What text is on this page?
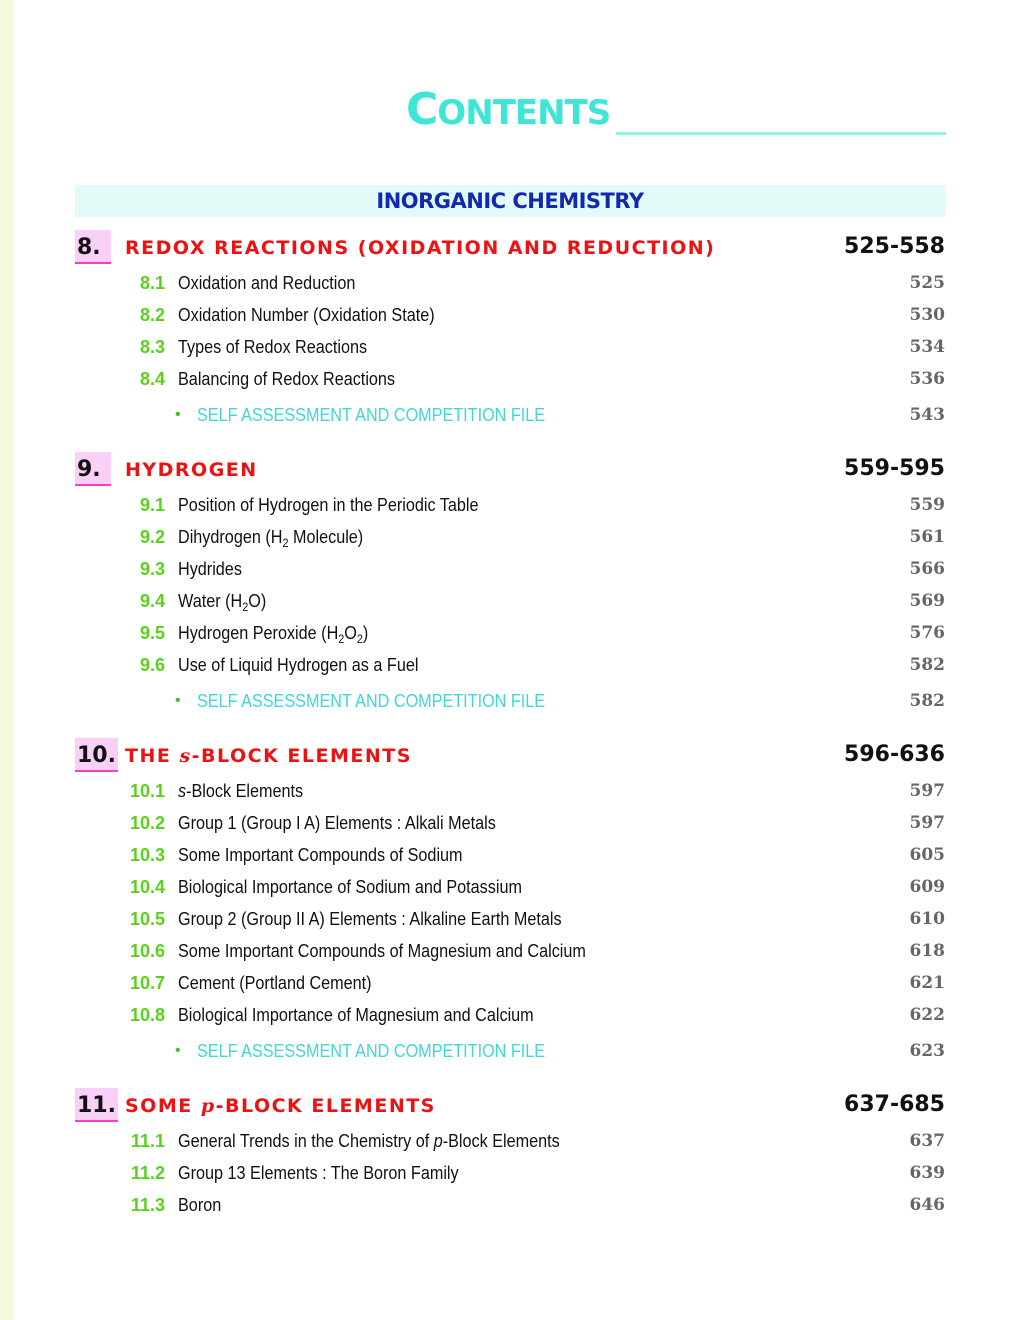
CONTENTS
INORGANIC CHEMISTRY
8.	REDOX REACTIONS (OXIDATION AND REDUCTION)	525-558
8.1 Oxidation and Reduction	525
8.2 Oxidation Number (Oxidation State)	530
8.3 Types of Redox Reactions	534
8.4 Balancing of Redox Reactions	536
• SELF ASSESSMENT AND COMPETITION FILE	543
9.	HYDROGEN	559-595
9.1 Position of Hydrogen in the Periodic Table	559
9.2 Dihydrogen ($H_2$ Molecule)	561
9.3 Hydrides	566
9.4 Water $(H_2O)$	569
9.5 Hydrogen Peroxide $(H_2O_2)$	576
9.6 Use of Liquid Hydrogen as a Fuel	582
• SELF ASSESSMENT AND COMPETITION FILE	582
10. THE s-BLOCK ELEMENTS	596-636
10.1 s-Block Elements	597
10.2 Group 1 (Group I A) Elements : Alkali Metals	597
10.3 Some Important Compounds of Sodium	605
10.4 Biological Importance of Sodium and Potassium	609
10.5 Group 2 (Group II A) Elements : Alkaline Earth Metals	610
10.6 Some Important Compounds of Magnesium and Calcium	618
10.7 Cement (Portland Cement)	621
10.8 Biological Importance of Magnesium and Calcium	622
• SELF ASSESSMENT AND COMPETITION FILE	623
11. SOME p-BLOCK ELEMENTS	637-685
11.1 General Trends in the Chemistry of p-Block Elements	637
11.2 Group 13 Elements : The Boron Family	639
11.3 Boron	646
